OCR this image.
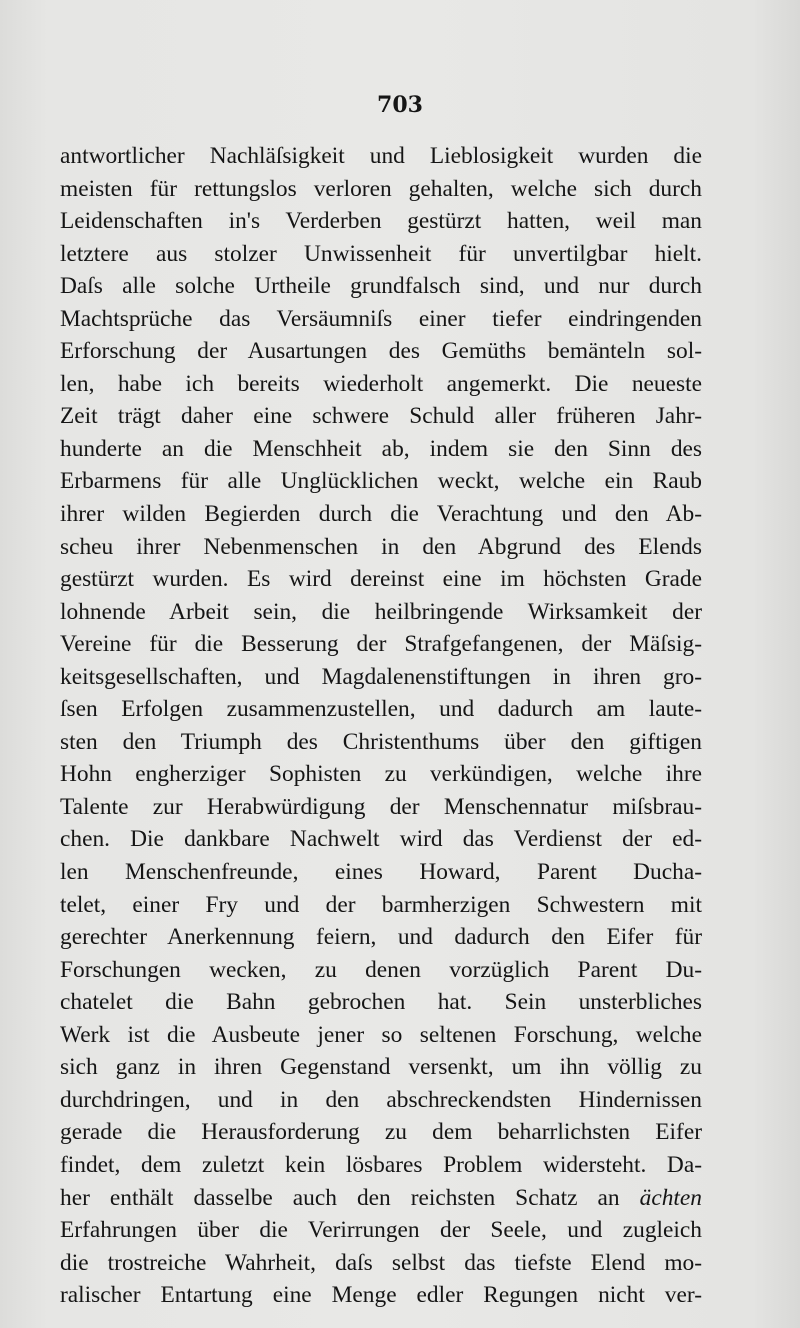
703
antwortlicher Nachläſsigkeit und Lieblosigkeit wurden die
meisten für rettungslos verloren gehalten, welche sich durch
Leidenschaften in's Verderben gestürzt hatten, weil man
letztere aus stolzer Unwissenheit für unvertilgbar hielt.
Daſs alle solche Urtheile grundfalsch sind, und nur durch
Machtsprüche das Versäumniſs einer tiefer eindringenden
Erforschung der Ausartungen des Gemüths bemänteln sol-
len, habe ich bereits wiederholt angemerkt. Die neueste
Zeit trägt daher eine schwere Schuld aller früheren Jahr-
hunderte an die Menschheit ab, indem sie den Sinn des
Erbarmens für alle Unglücklichen weckt, welche ein Raub
ihrer wilden Begierden durch die Verachtung und den Ab-
scheu ihrer Nebenmenschen in den Abgrund des Elends
gestürzt wurden. Es wird dereinst eine im höchsten Grade
lohnende Arbeit sein, die heilbringende Wirksamkeit der
Vereine für die Besserung der Strafgefangenen, der Mäſsig-
keitsgesellschaften, und Magdalenenstiftungen in ihren gro-
ſsen Erfolgen zusammenzustellen, und dadurch am laute-
sten den Triumph des Christenthums über den giftigen
Hohn engherziger Sophisten zu verkündigen, welche ihre
Talente zur Herabwürdigung der Menschennatur miſsbrau-
chen. Die dankbare Nachwelt wird das Verdienst der ed-
len Menschenfreunde, eines Howard, Parent Ducha-
telet, einer Fry und der barmherzigen Schwestern mit
gerechter Anerkennung feiern, und dadurch den Eifer für
Forschungen wecken, zu denen vorzüglich Parent Du-
chatelet die Bahn gebrochen hat. Sein unsterbliches
Werk ist die Ausbeute jener so seltenen Forschung, welche
sich ganz in ihren Gegenstand versenkt, um ihn völlig zu
durchdringen, und in den abschreckendsten Hindernissen
gerade die Herausforderung zu dem beharrlichsten Eifer
findet, dem zuletzt kein lösbares Problem widersteht. Da-
her enthält dasselbe auch den reichsten Schatz an ächten
Erfahrungen über die Verirrungen der Seele, und zugleich
die trostreiche Wahrheit, daſs selbst das tiefste Elend mo-
ralischer Entartung eine Menge edler Regungen nicht ver-
